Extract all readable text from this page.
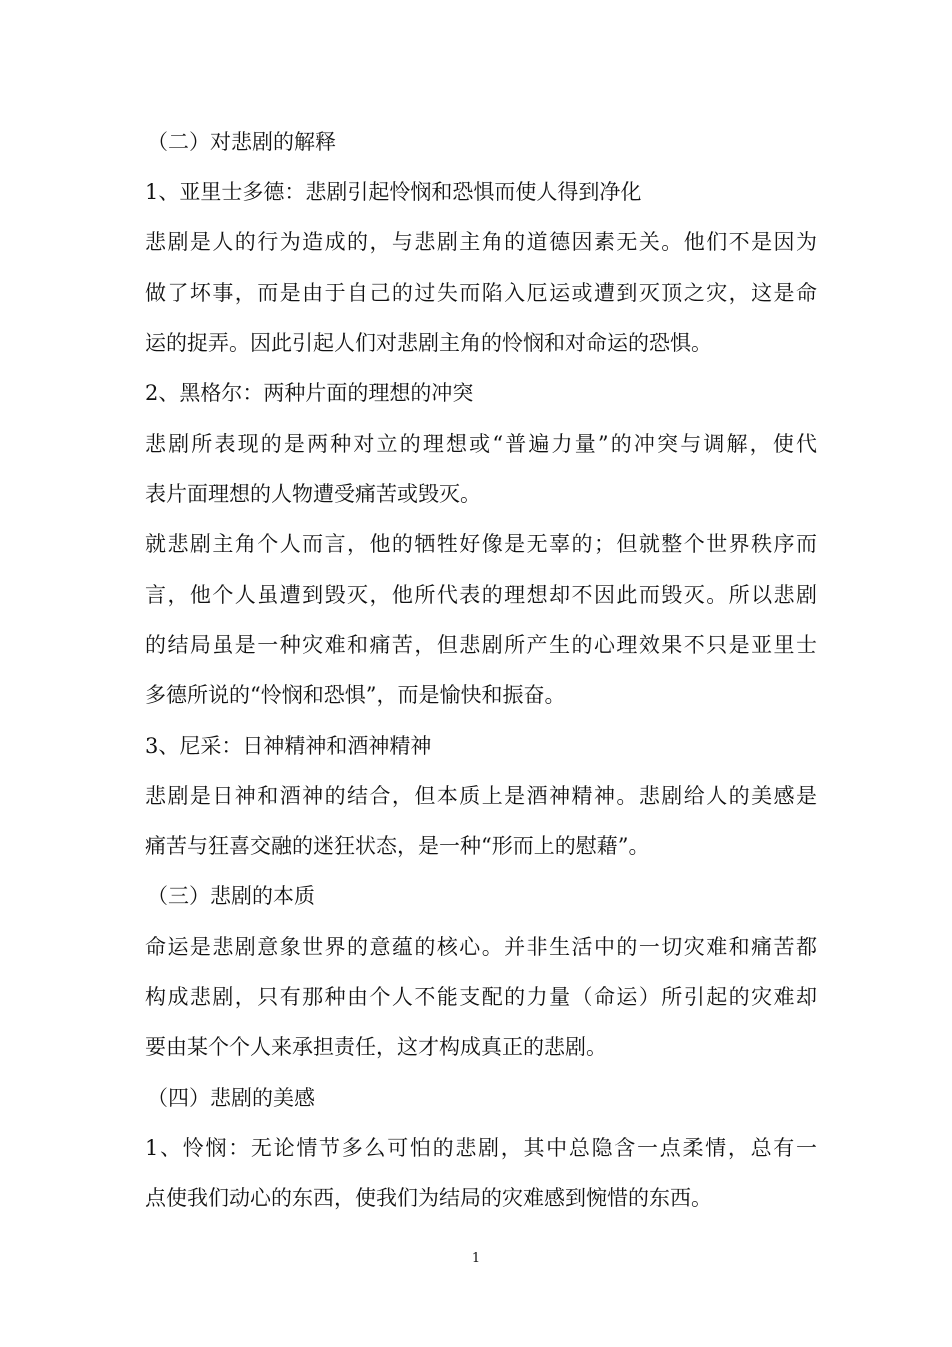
（二）对悲剧的解释
1、亚里士多德：悲剧引起怜悯和恐惧而使人得到净化
悲剧是人的行为造成的，与悲剧主角的道德因素无关。他们不是因为
做了坏事，而是由于自己的过失而陷入厄运或遭到灭顶之灾，这是命
运的捉弄。因此引起人们对悲剧主角的怜悯和对命运的恐惧。
2、黑格尔：两种片面的理想的冲突
悲剧所表现的是两种对立的理想或“普遍力量”的冲突与调解，使代
表片面理想的人物遭受痛苦或毁灭。
就悲剧主角个人而言，他的牺牲好像是无辜的；但就整个世界秩序而
言，他个人虽遭到毁灭，他所代表的理想却不因此而毁灭。所以悲剧
的结局虽是一种灾难和痛苦，但悲剧所产生的心理效果不只是亚里士
多德所说的“怜悯和恐惧”，而是愉快和振奋。
3、尼采：日神精神和酒神精神
悲剧是日神和酒神的结合，但本质上是酒神精神。悲剧给人的美感是
痛苦与狂喜交融的迷狂状态，是一种“形而上的慰藉”。
（三）悲剧的本质
命运是悲剧意象世界的意蕴的核心。并非生活中的一切灾难和痛苦都
构成悲剧，只有那种由个人不能支配的力量（命运）所引起的灾难却
要由某个个人来承担责任，这才构成真正的悲剧。
（四）悲剧的美感
1、怜悯：无论情节多么可怕的悲剧，其中总隐含一点柔情，总有一
点使我们动心的东西，使我们为结局的灾难感到惋惜的东西。
1
